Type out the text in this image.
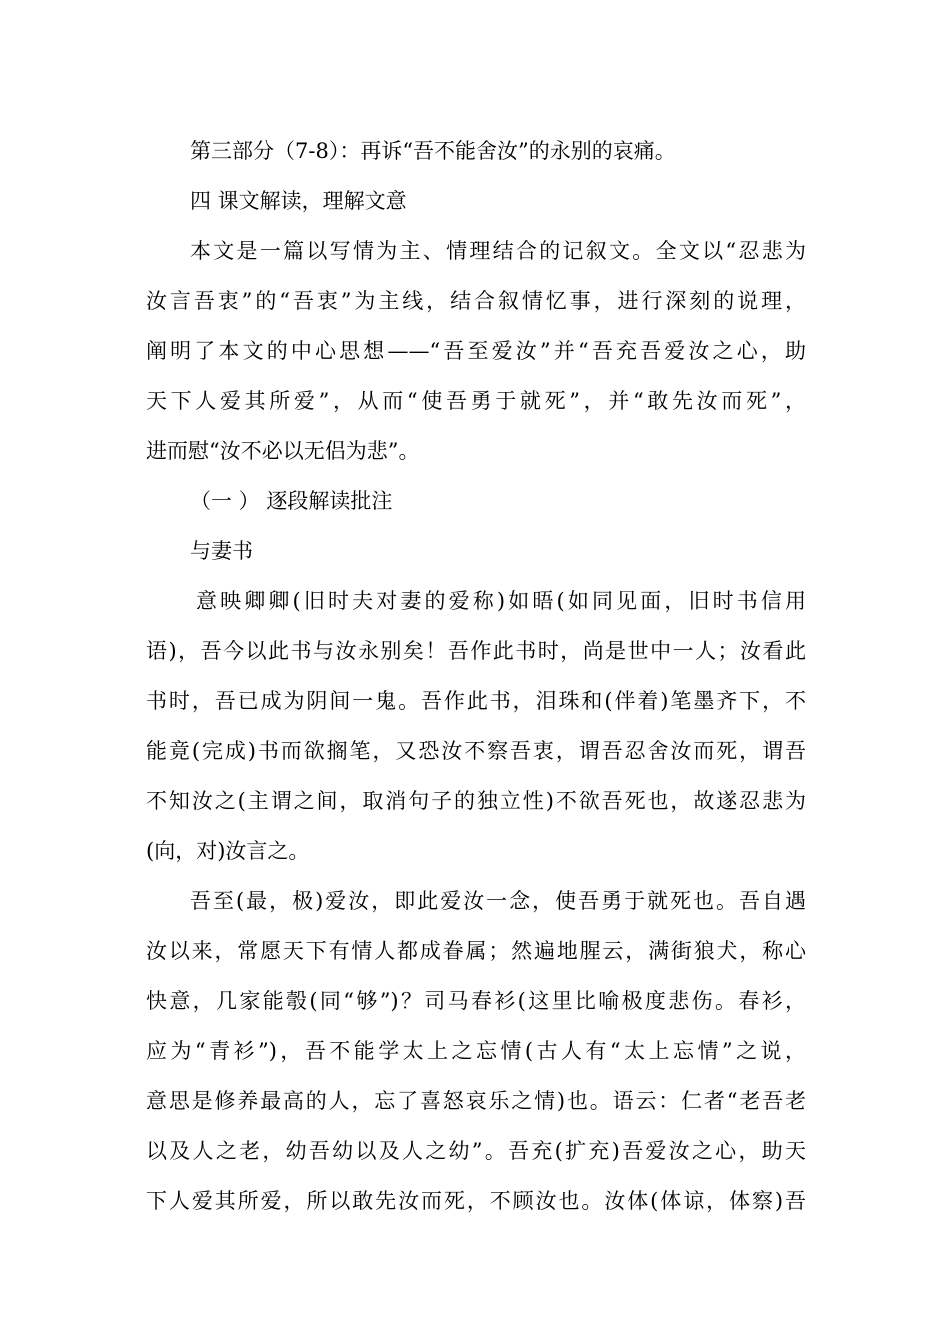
第三部分（7-8）：再诉“吾不能舍汝”的永别的哀痛。
四 课文解读，理解文意
本文是一篇以写情为主、情理结合的记叙文。全文以“忍悲为
汝言吾衷”的“吾衷”为主线，结合叙情忆事，进行深刻的说理，
阐明了本文的中心思想——“吾至爱汝”并“吾充吾爱汝之心，助
天下人爱其所爱”，从而“使吾勇于就死”，并“敢先汝而死”，
进而慰“汝不必以无侣为悲”。
（一 ） 逐段解读批注
与妻书
意映卿卿(旧时夫对妻的爱称)如晤(如同见面，旧时书信用
语)，吾今以此书与汝永别矣！吾作此书时，尚是世中一人；汝看此
书时，吾已成为阴间一鬼。吾作此书，泪珠和(伴着)笔墨齐下，不
能竟(完成)书而欲搁笔，又恐汝不察吾衷，谓吾忍舍汝而死，谓吾
不知汝之(主谓之间，取消句子的独立性)不欲吾死也，故遂忍悲为
(向，对)汝言之。
吾至(最，极)爱汝，即此爱汝一念，使吾勇于就死也。吾自遇
汝以来，常愿天下有情人都成眷属；然遍地腥云，满街狼犬，称心
快意，几家能彀(同“够”)？司马春衫(这里比喻极度悲伤。春衫，
应为“青衫”)，吾不能学太上之忘情(古人有“太上忘情”之说，
意思是修养最高的人，忘了喜怒哀乐之情)也。语云：仁者“老吾老
以及人之老，幼吾幼以及人之幼”。吾充(扩充)吾爱汝之心，助天
下人爱其所爱，所以敢先汝而死，不顾汝也。汝体(体谅，体察)吾
